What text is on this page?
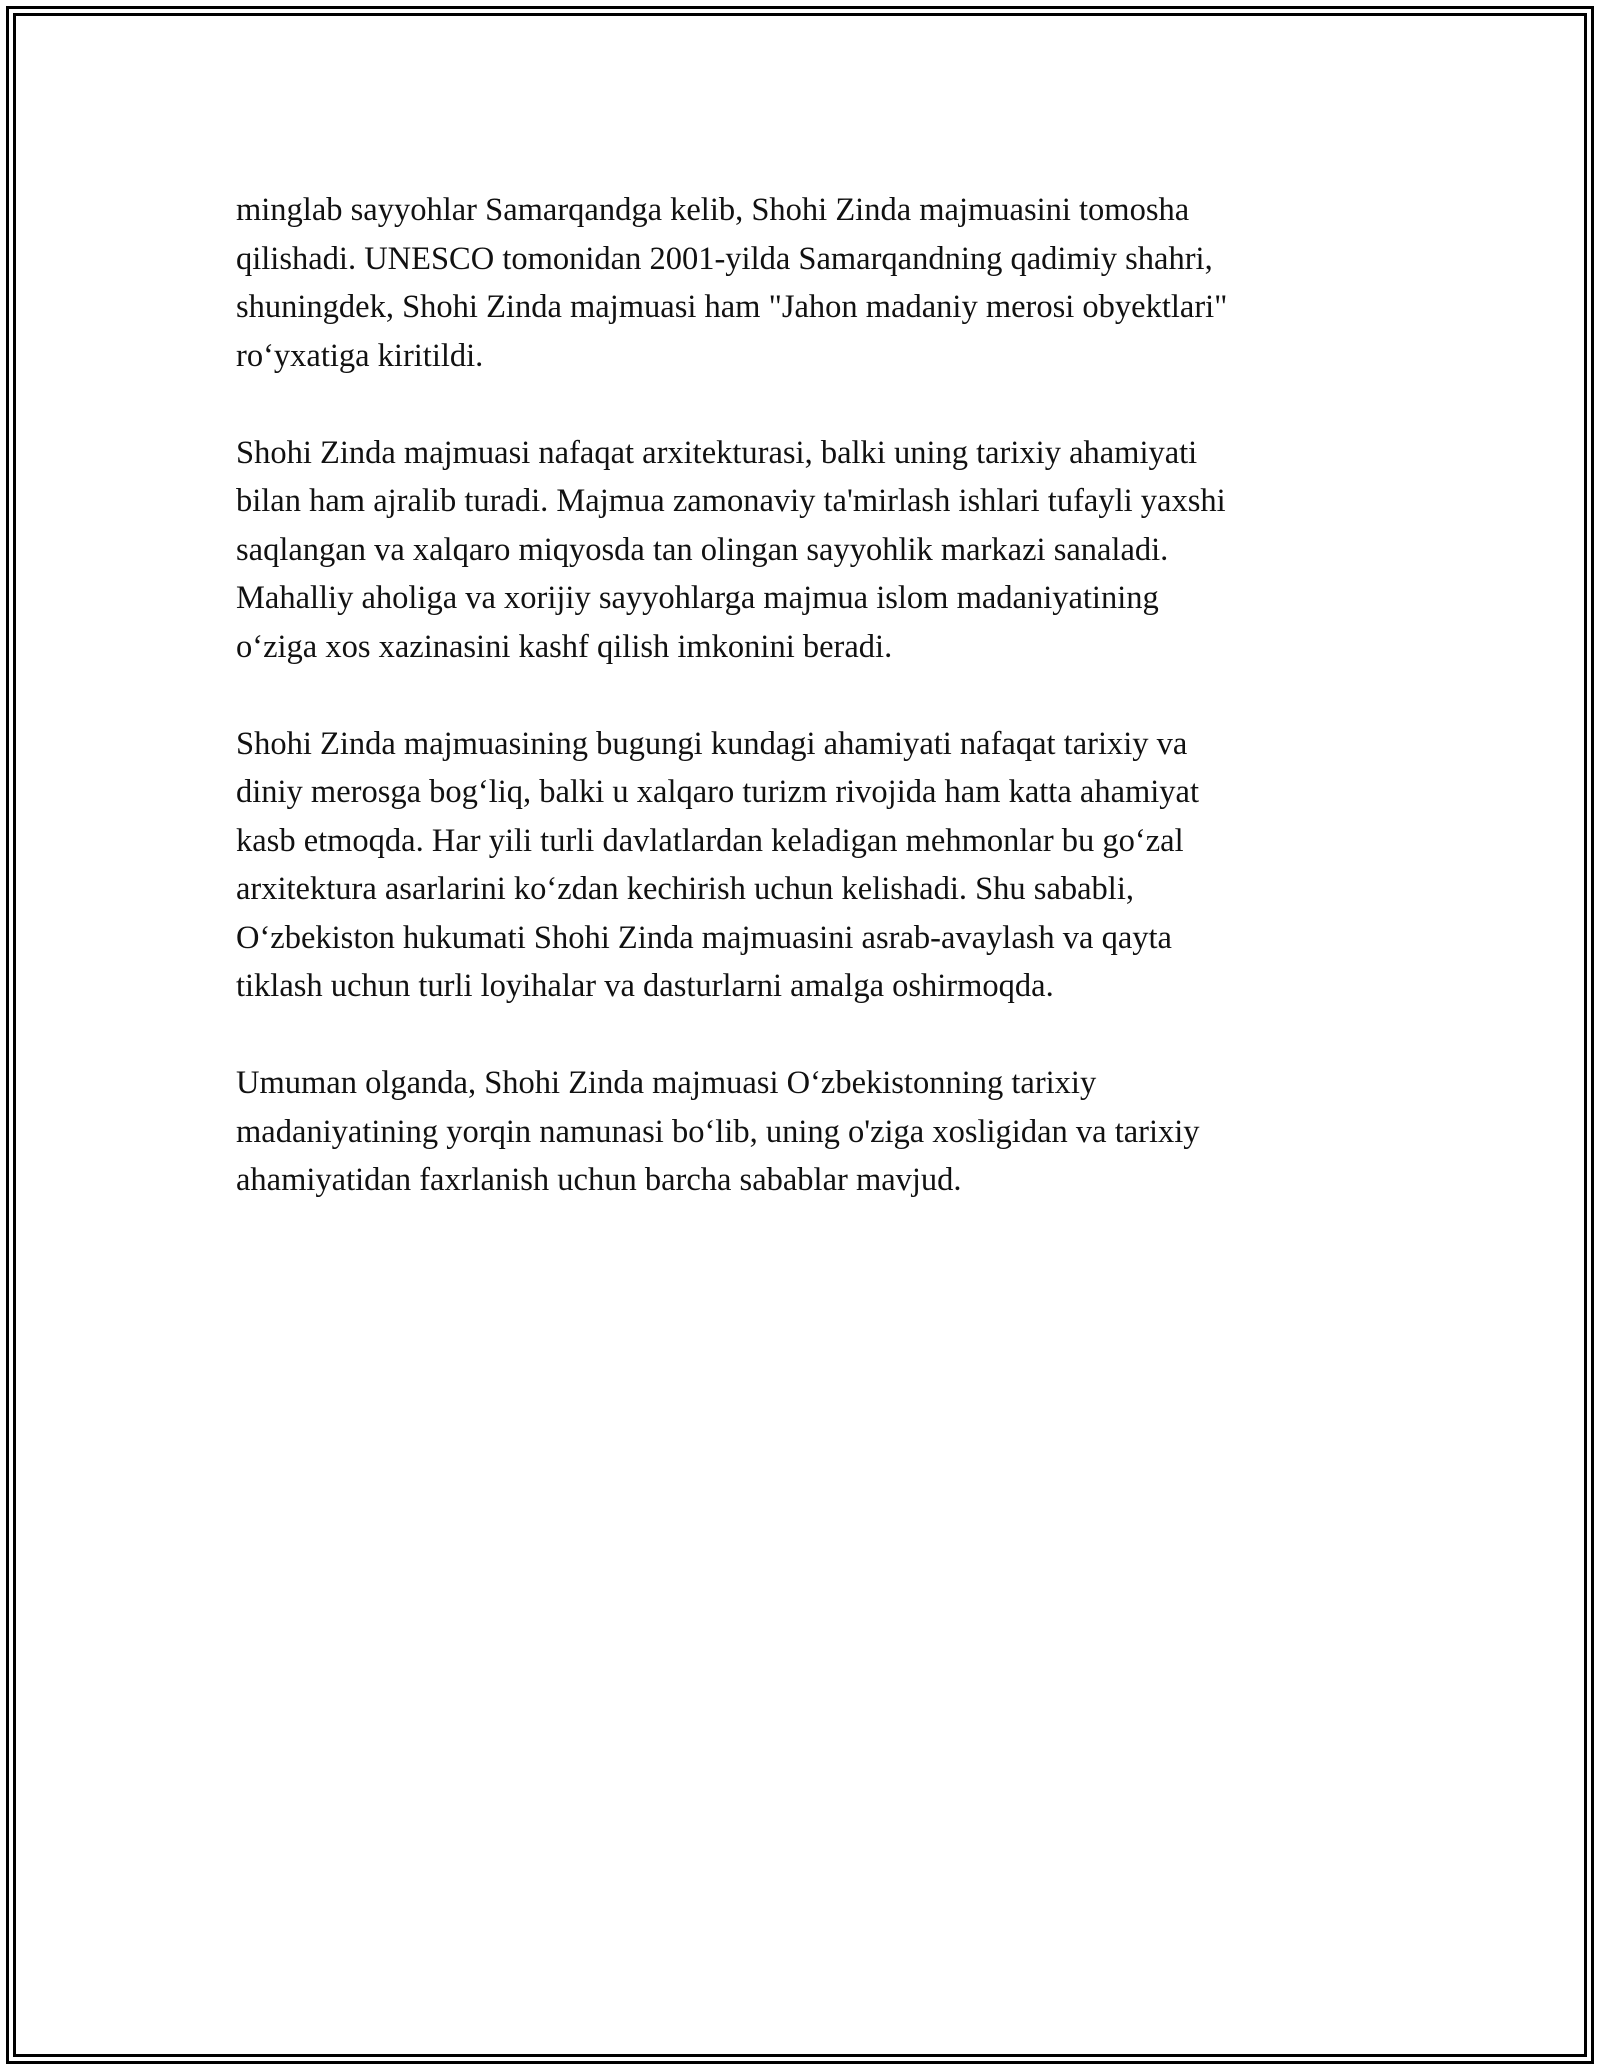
minglab sayyohlar Samarqandga kelib, Shohi Zinda majmuasini tomosha
qilishadi. UNESCO tomonidan 2001-yilda Samarqandning qadimiy shahri,
shuningdek, Shohi Zinda majmuasi ham "Jahon madaniy merosi obyektlari"
ro‘yxatiga kiritildi.

Shohi Zinda majmuasi nafaqat arxitekturasi, balki uning tarixiy ahamiyati
bilan ham ajralib turadi. Majmua zamonaviy ta'mirlash ishlari tufayli yaxshi
saqlangan va xalqaro miqyosda tan olingan sayyohlik markazi sanaladi.
Mahalliy aholiga va xorijiy sayyohlarga majmua islom madaniyatining
o‘ziga xos xazinasini kashf qilish imkonini beradi.

Shohi Zinda majmuasining bugungi kundagi ahamiyati nafaqat tarixiy va
diniy merosga bog‘liq, balki u xalqaro turizm rivojida ham katta ahamiyat
kasb etmoqda. Har yili turli davlatlardan keladigan mehmonlar bu go‘zal
arxitektura asarlarini ko‘zdan kechirish uchun kelishadi. Shu sababli,
O‘zbekiston hukumati Shohi Zinda majmuasini asrab-avaylash va qayta
tiklash uchun turli loyihalar va dasturlarni amalga oshirmoqda.

Umuman olganda, Shohi Zinda majmuasi O‘zbekistonning tarixiy
madaniyatining yorqin namunasi bo‘lib, uning o'ziga xosligidan va tarixiy
ahamiyatidan faxrlanish uchun barcha sabablar mavjud.
